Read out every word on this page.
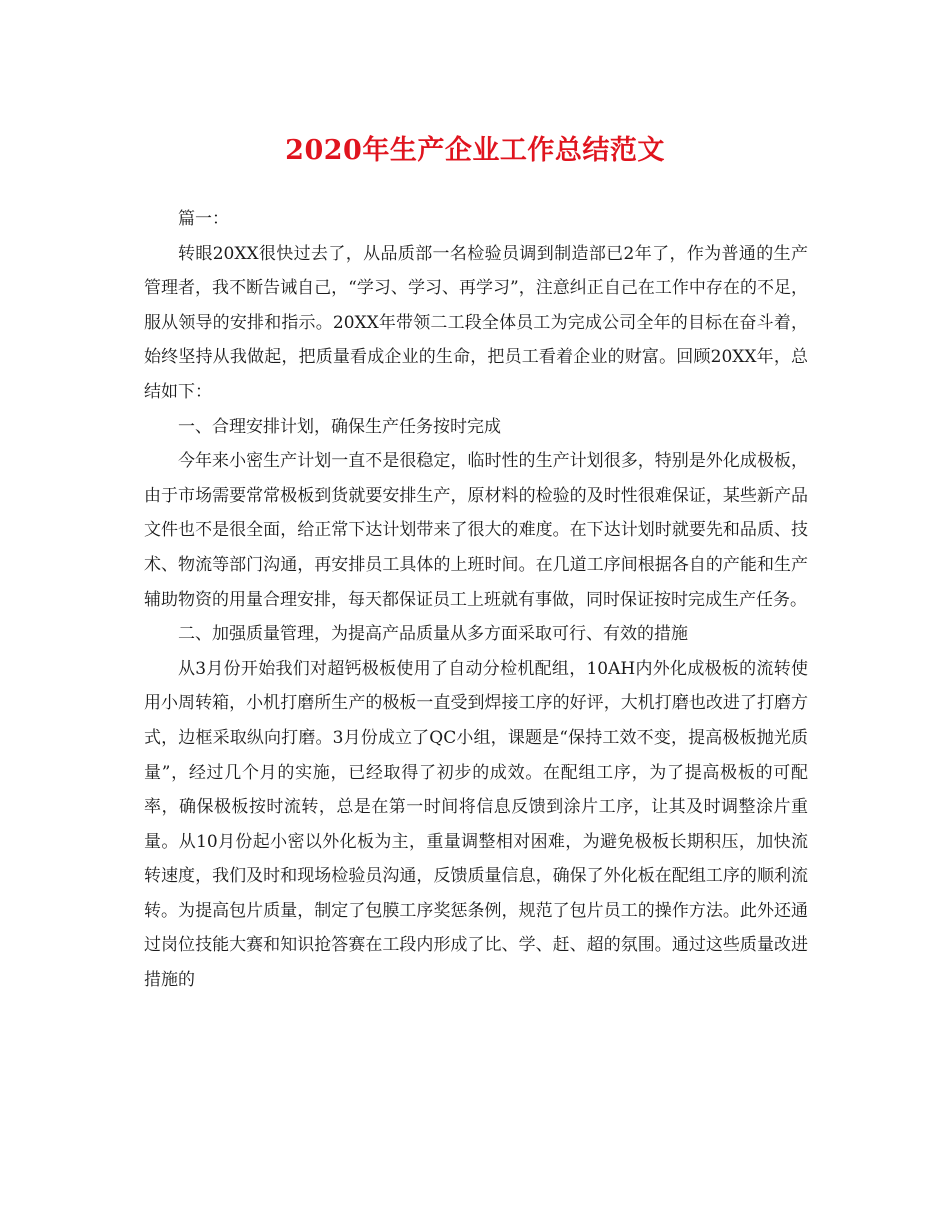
2020年生产企业工作总结范文

篇一：

转眼20XX很快过去了，从品质部一名检验员调到制造部已2年了，作为普通的生产管理者，我不断告诫自己，“学习、学习、再学习”，注意纠正自己在工作中存在的不足，服从领导的安排和指示。20XX年带领二工段全体员工为完成公司全年的目标在奋斗着，始终坚持从我做起，把质量看成企业的生命，把员工看着企业的财富。回顾20XX年，总结如下：

一、合理安排计划，确保生产任务按时完成

今年来小密生产计划一直不是很稳定，临时性的生产计划很多，特别是外化成极板，由于市场需要常常极板到货就要安排生产，原材料的检验的及时性很难保证，某些新产品文件也不是很全面，给正常下达计划带来了很大的难度。在下达计划时就要先和品质、技术、物流等部门沟通，再安排员工具体的上班时间。在几道工序间根据各自的产能和生产辅助物资的用量合理安排，每天都保证员工上班就有事做，同时保证按时完成生产任务。

二、加强质量管理，为提高产品质量从多方面采取可行、有效的措施

从3月份开始我们对超钙极板使用了自动分检机配组，10AH内外化成极板的流转使用小周转箱，小机打磨所生产的极板一直受到焊接工序的好评，大机打磨也改进了打磨方式，边框采取纵向打磨。3月份成立了QC小组，课题是“保持工效不变，提高极板抛光质量”，经过几个月的实施，已经取得了初步的成效。在配组工序，为了提高极板的可配率，确保极板按时流转，总是在第一时间将信息反馈到涂片工序，让其及时调整涂片重量。从10月份起小密以外化板为主，重量调整相对困难，为避免极板长期积压，加快流转速度，我们及时和现场检验员沟通，反馈质量信息，确保了外化板在配组工序的顺利流转。为提高包片质量，制定了包膜工序奖惩条例，规范了包片员工的操作方法。此外还通过岗位技能大赛和知识抢答赛在工段内形成了比、学、赶、超的氛围。通过这些质量改进措施的
